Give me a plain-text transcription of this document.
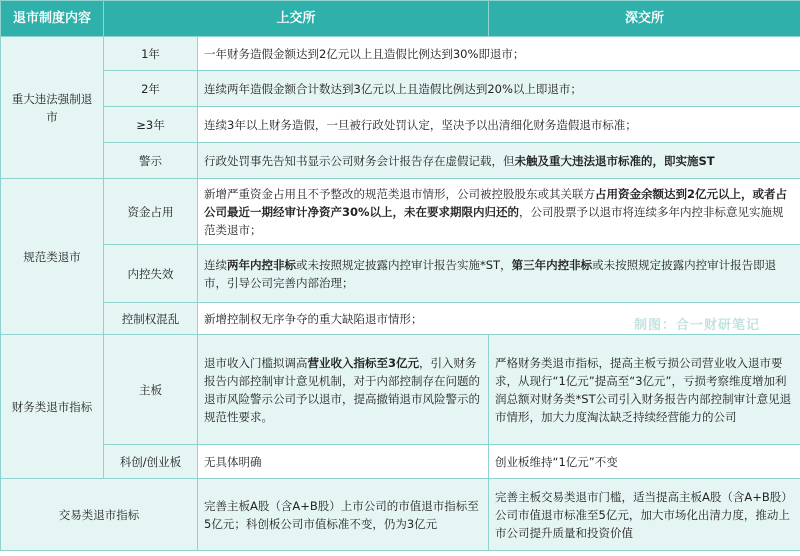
退市制度内容	上交所		深交所
重大违法强制退市	1年	一年财务造假金额达到2亿元以上且造假比例达到30%即退市；	
	2年	连续两年造假金额合计数达到3亿元以上且造假比例达到20%以上即退市；	
	≥3年	连续3年以上财务造假，一旦被行政处罚认定，坚决予以出清细化财务造假退市标准；	
	警示	行政处罚事先告知书显示公司财务会计报告存在虚假记载，但未触及重大违法退市标准的，即实施ST	
规范类退市	资金占用	新增严重资金占用且不予整改的规范类退市情形，公司被控股股东或其关联方占用资金余额达到2亿元以上，或者占公司最近一期经审计净资产30%以上，未在要求期限内归还的，公司股票予以退市将连续多年内控非标意见实施规范类退市；	
	内控失效	连续两年内控非标或未按照规定披露内控审计报告实施*ST，第三年内控非标或未按照规定披露内控审计报告即退市，引导公司完善内部治理；	
	控制权混乱	新增控制权无序争夺的重大缺陷退市情形；	
财务类退市指标	主板	退市收入门槛拟调高营业收入指标至3亿元，引入财务报告内部控制审计意见机制，对于内部控制存在问题的退市风险警示公司予以退市，提高撤销退市风险警示的规范性要求。	严格财务类退市指标，提高主板亏损公司营业收入退市要求，从现行“1亿元”提高至“3亿元”，亏损考察维度增加利润总额对财务类*ST公司引入财务报告内部控制审计意见退市情形，加大力度淘汰缺乏持续经营能力的公司
	科创/创业板	无具体明确	创业板维持“1亿元”不变
交易类退市指标		完善主板A股（含A+B股）上市公司的市值退市指标至5亿元；科创板公司市值标准不变，仍为3亿元	完善主板交易类退市门槛，适当提高主板A股（含A+B股）公司市值退市标准至5亿元，加大市场化出清力度，推动上市公司提升质量和投资价值
制图：合一财研笔记
